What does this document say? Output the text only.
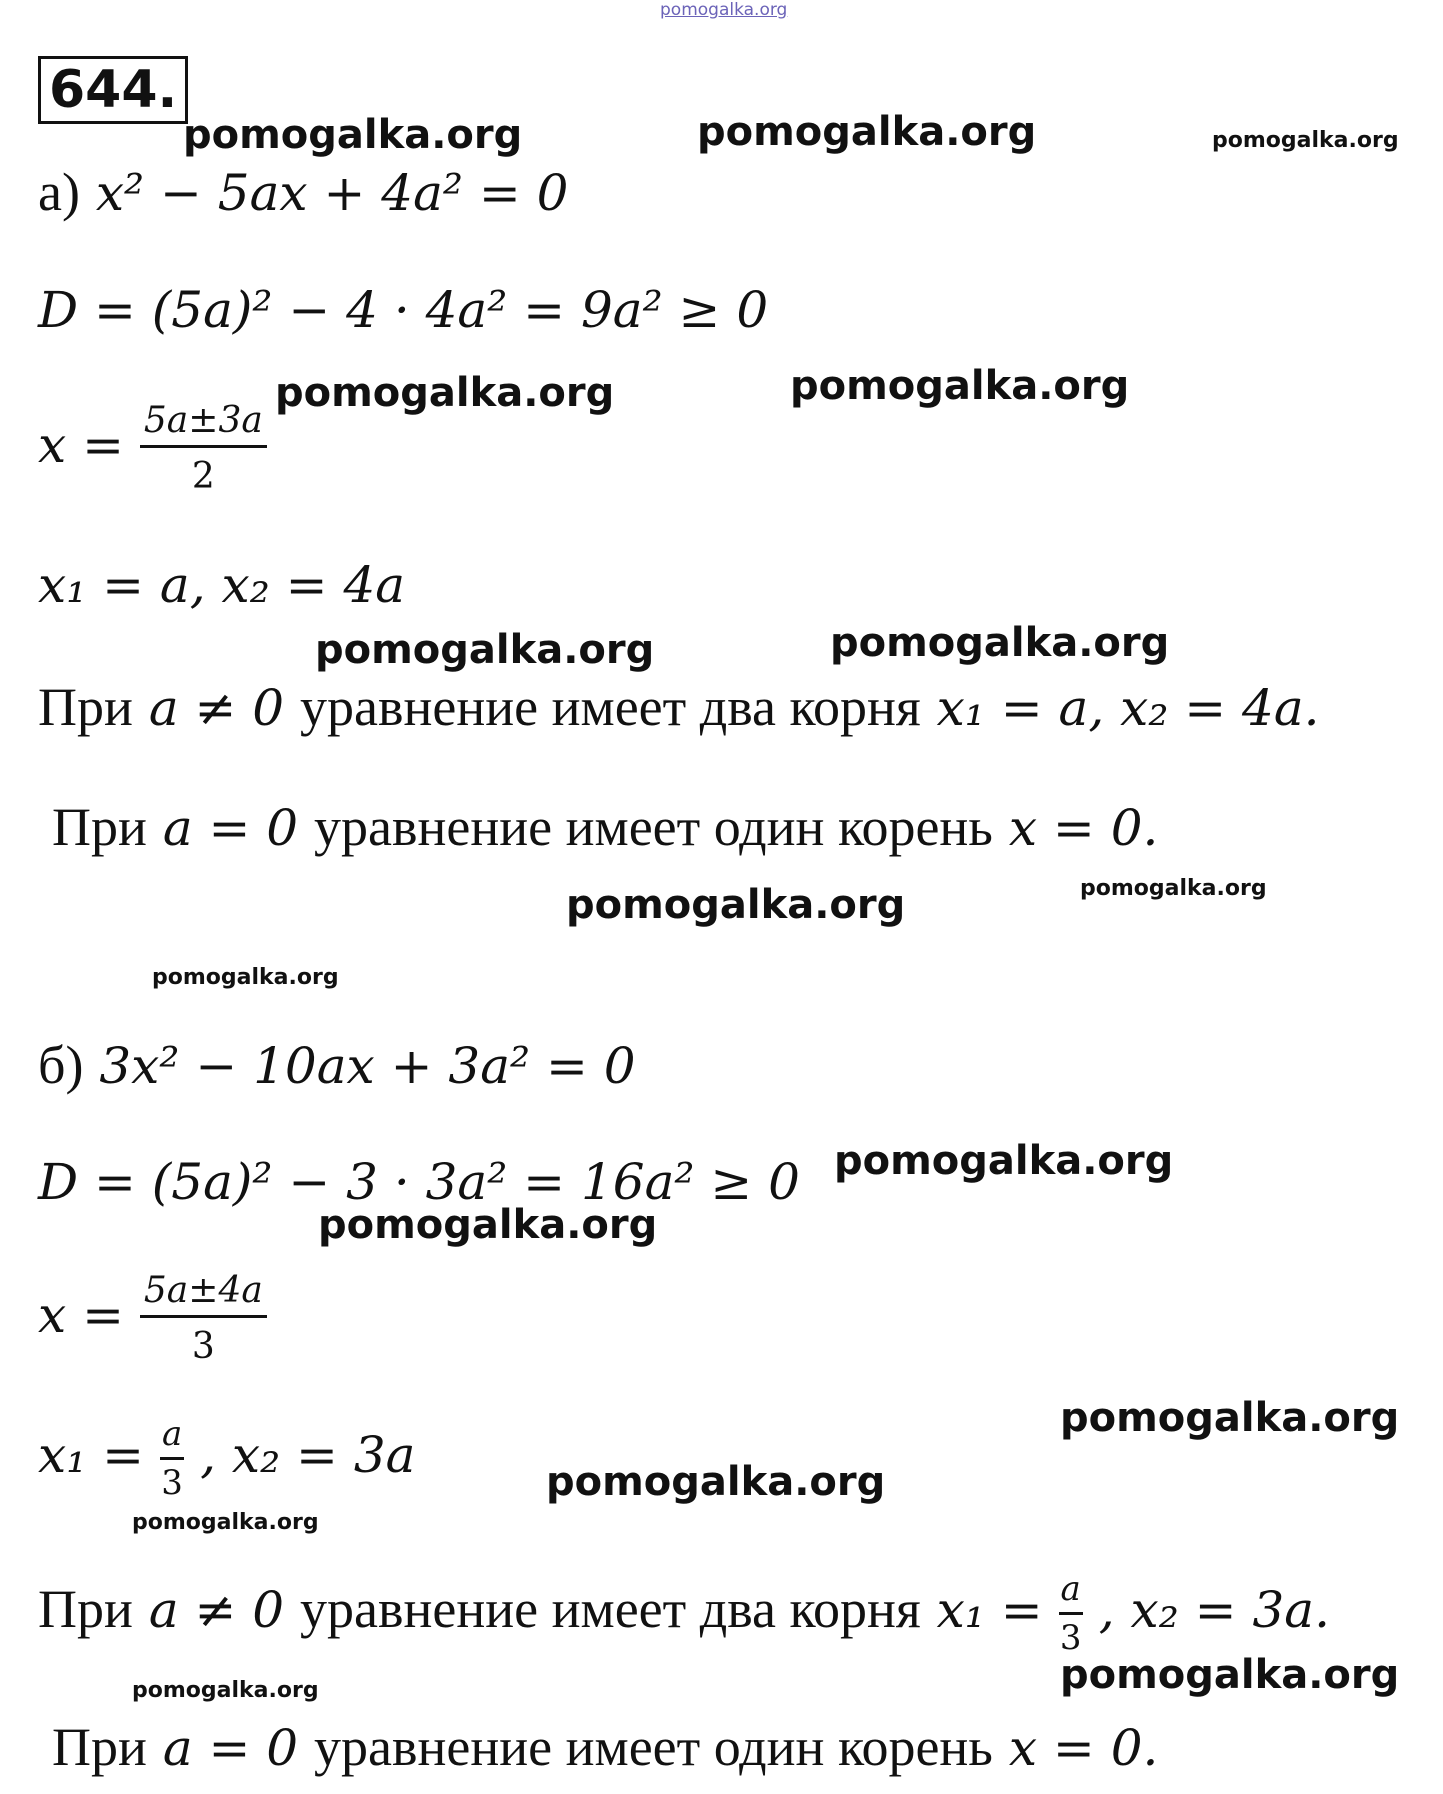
pomogalka.org
644.
pomogalka.org	pomogalka.org	pomogalka.org
pomogalka.org	pomogalka.org
pomogalka.org	pomogalka.org
pomogalka.org	pomogalka.org
pomogalka.org
pomogalka.org
pomogalka.org
pomogalka.org
pomogalka.org
pomogalka.org
pomogalka.org	pomogalka.org
а) x² − 5ax + 4a² = 0
D = (5a)² − 4 · 4a² = 9a² ≥ 0
$x = \frac{5a\pm 3a}{2}$
x₁ = a, x₂ = 4a
При a ≠ 0 уравнение имеет два корня x₁ = a, x₂ = 4a.
При a = 0 уравнение имеет один корень x = 0.
б) 3x² − 10ax + 3a² = 0
D = (5a)² − 3 · 3a² = 16a² ≥ 0
$x = \frac{5a\pm 4a}{3}$
$x_1 = \frac{a}{3}$ , x₂ = 3a
При a ≠ 0 уравнение имеет два корня $x_1 = \frac{a}{3}$ , x₂ = 3a.
При a = 0 уравнение имеет один корень x = 0.
